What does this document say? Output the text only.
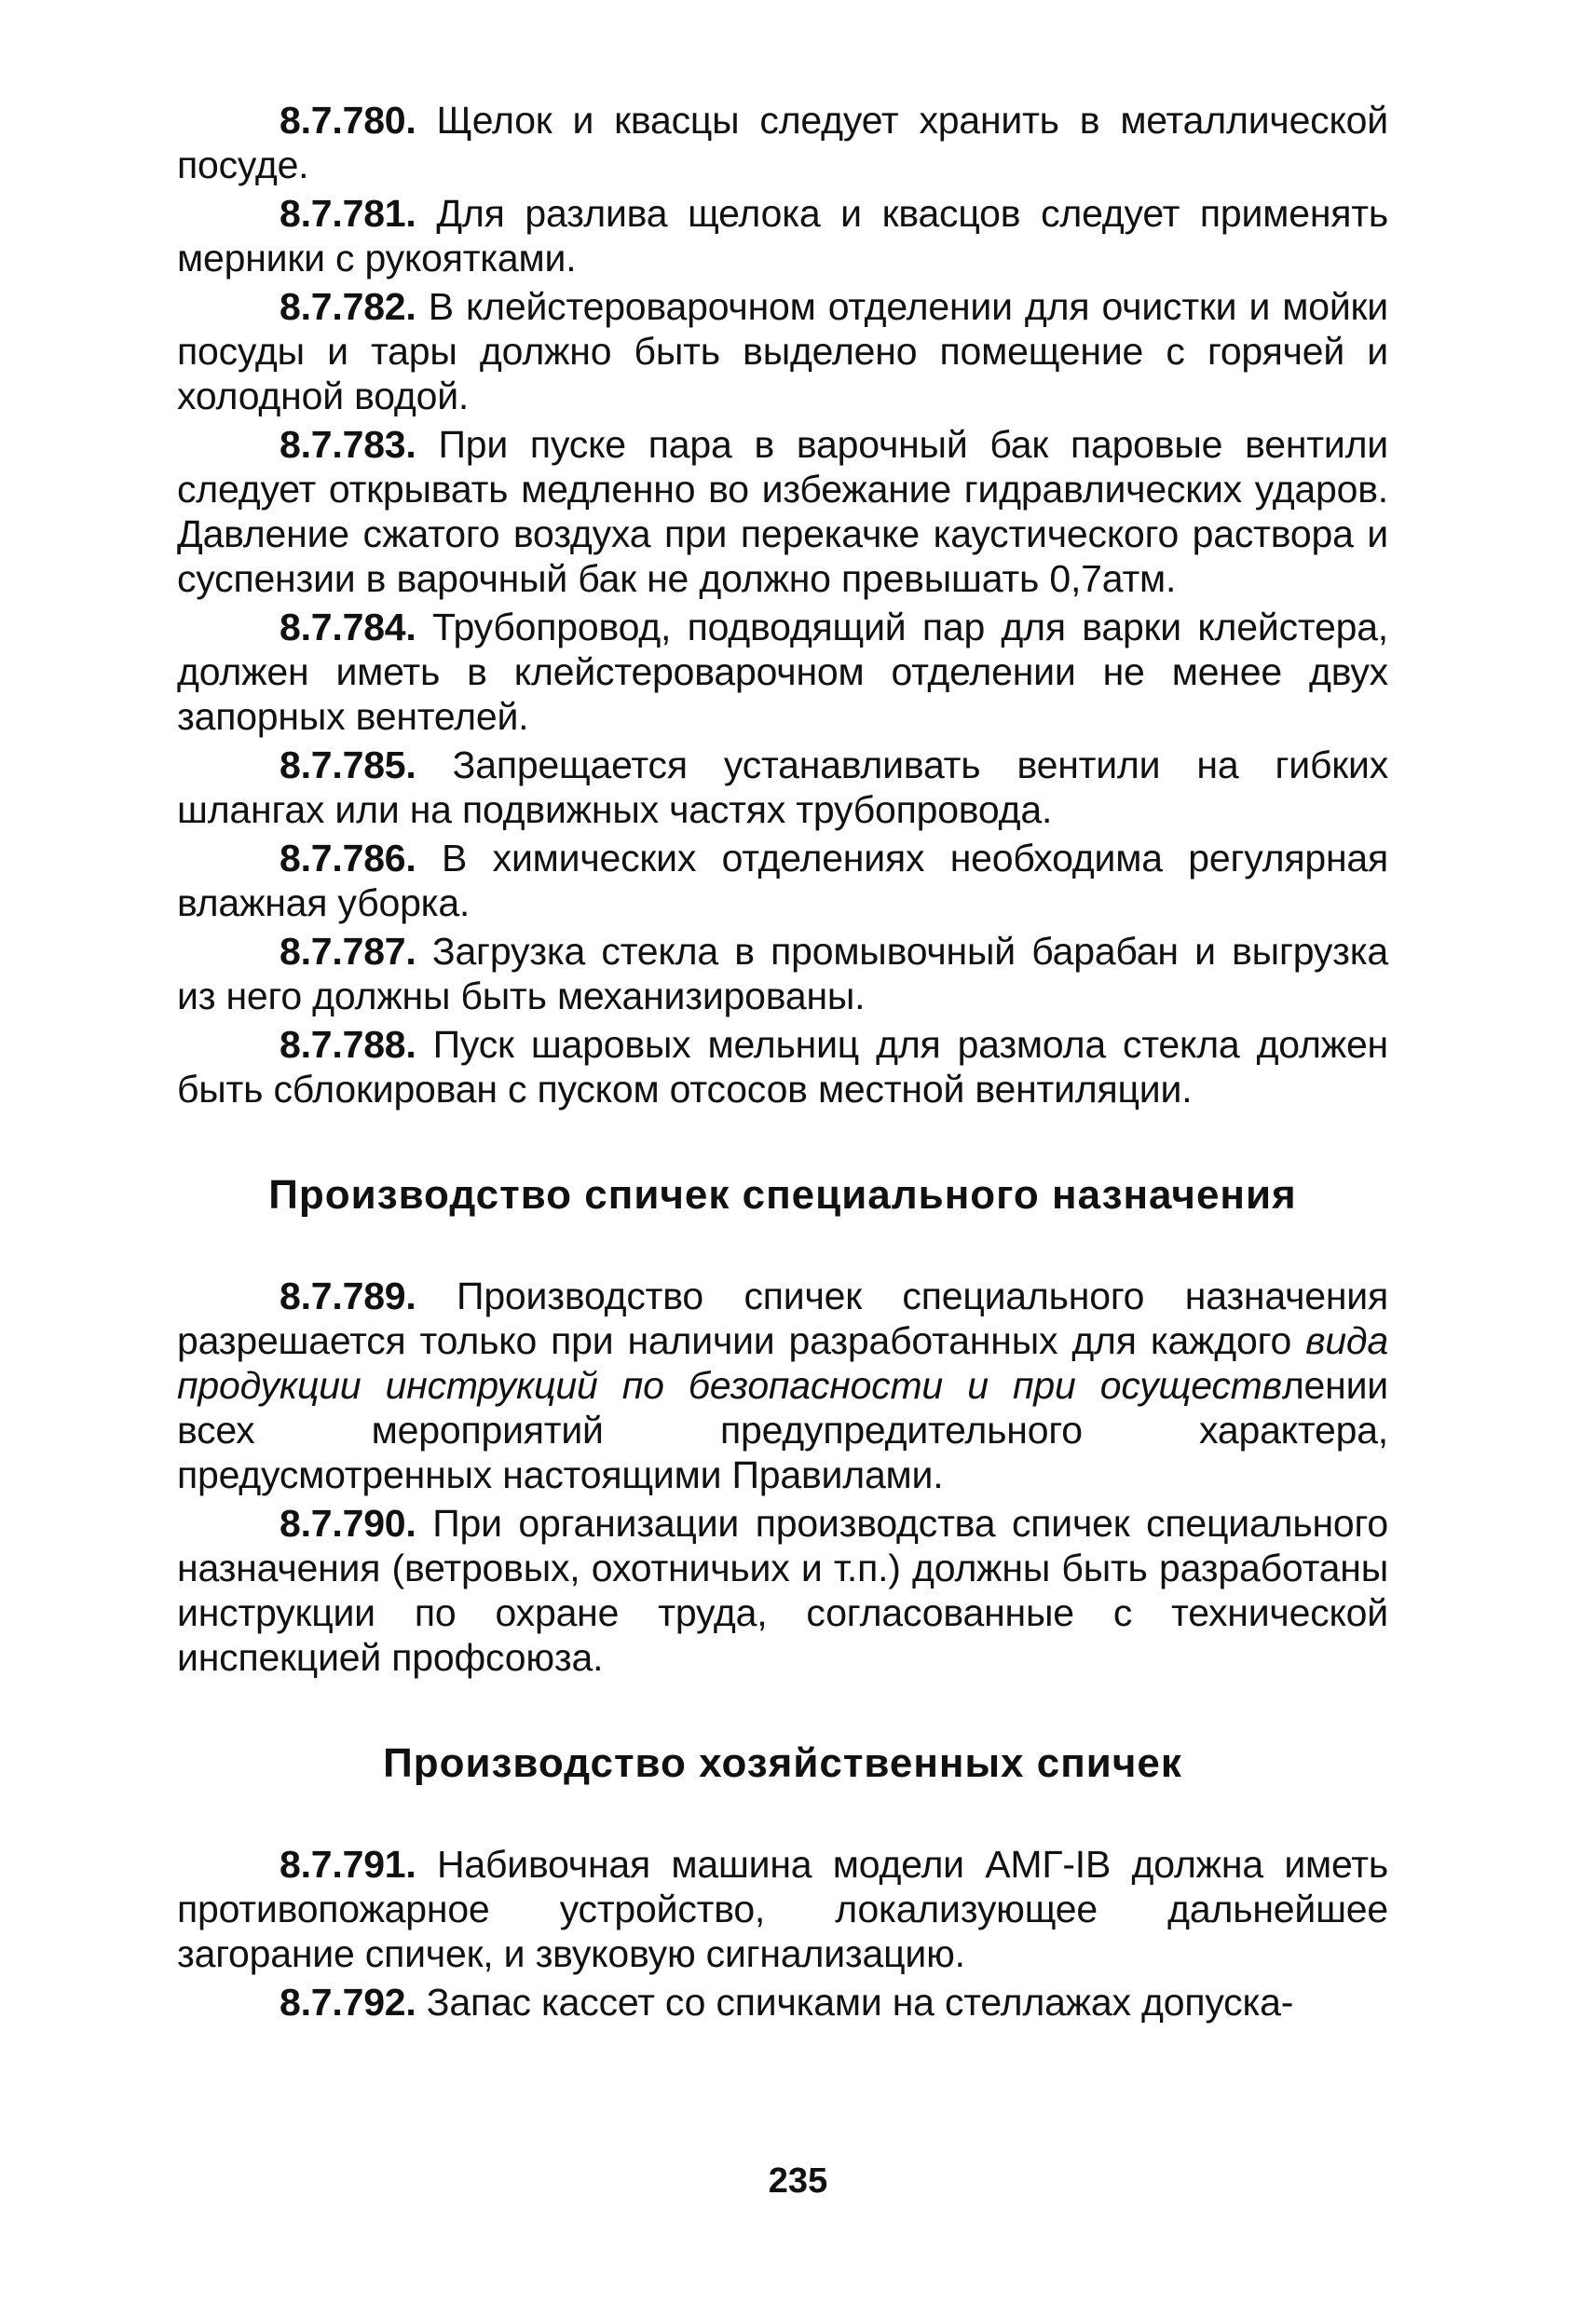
8.7.780. Щелок и квасцы следует хранить в металлической посуде.

8.7.781. Для разлива щелока и квасцов следует применять мерники с рукоятками.

8.7.782. В клейстероварочном отделении для очистки и мойки посуды и тары должно быть выделено помещение с горячей и холодной водой.

8.7.783. При пуске пара в варочный бак паровые вентили следует открывать медленно во избежание гидравлических ударов. Давление сжатого воздуха при перекачке каустического раствора и суспензии в варочный бак не должно превышать 0,7атм.

8.7.784. Трубопровод, подводящий пар для варки клейстера, должен иметь в клейстероварочном отделении не менее двух запорных вентелей.

8.7.785. Запрещается устанавливать вентили на гибких шлангах или на подвижных частях трубопровода.

8.7.786. В химических отделениях необходима регулярная влажная уборка.

8.7.787. Загрузка стекла в промывочный барабан и выгрузка из него должны быть механизированы.

8.7.788. Пуск шаровых мельниц для размола стекла должен быть сблокирован с пуском отсосов местной вентиляции.

Производство спичек специального назначения

8.7.789. Производство спичек специального назначения разрешается только при наличии разработанных для каждого вида продукции инструкций по безопасности и при осуществлении всех мероприятий предупредительного характера, предусмотренных настоящими Правилами.

8.7.790. При организации производства спичек специального назначения (ветровых, охотничьих и т.п.) должны быть разработаны инструкции по охране труда, согласованные с технической инспекцией профсоюза.

Производство хозяйственных спичек

8.7.791. Набивочная машина модели АМГ-IВ должна иметь противопожарное устройство, локализующее дальнейшее загорание спичек, и звуковую сигнализацию.

8.7.792. Запас кассет со спичками на стеллажах допуска-

235
